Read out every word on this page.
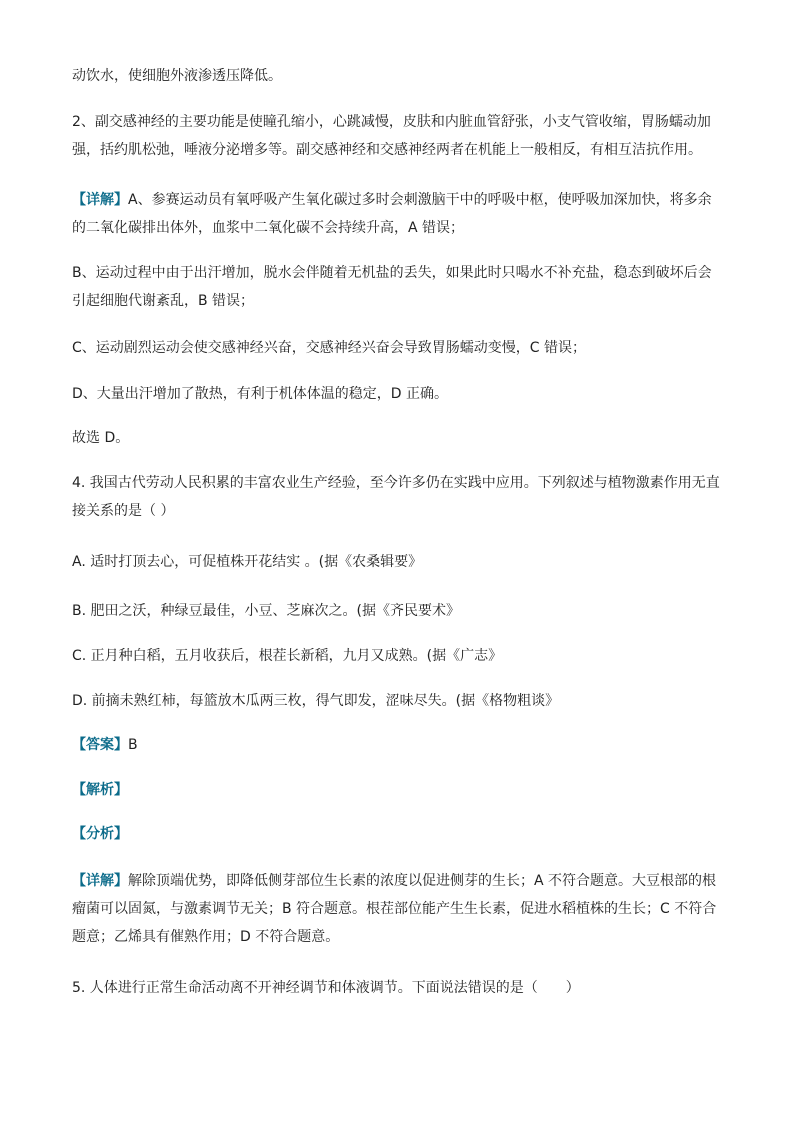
动饮水，使细胞外液渗透压降低。

2、副交感神经的主要功能是使瞳孔缩小，心跳减慢，皮肤和内脏血管舒张，小支气管收缩，胃肠蠕动加强，括约肌松弛，唾液分泌增多等。副交感神经和交感神经两者在机能上一般相反，有相互洁抗作用。

【详解】A、参赛运动员有氧呼吸产生氧化碳过多时会刺激脑干中的呼吸中枢，使呼吸加深加快，将多余的二氧化碳排出体外，血浆中二氧化碳不会持续升高，A 错误；

B、运动过程中由于出汗增加，脱水会伴随着无机盐的丢失，如果此时只喝水不补充盐，稳态到破坏后会引起细胞代谢紊乱，B 错误；

C、运动剧烈运动会使交感神经兴奋，交感神经兴奋会导致胃肠蠕动变慢，C 错误；

D、大量出汗增加了散热，有利于机体体温的稳定，D 正确。

故选 D。

4. 我国古代劳动人民积累的丰富农业生产经验，至今许多仍在实践中应用。下列叙述与植物激素作用无直接关系的是（ ）

A. 适时打顶去心，可促植株开花结实 。(据《农桑辑要》

B. 肥田之沃，种绿豆最佳，小豆、芝麻次之。(据《齐民要术》

C. 正月种白稻，五月收获后，根茬长新稻，九月又成熟。(据《广志》

D. 前摘未熟红柿，每篮放木瓜两三枚，得气即发，涩味尽失。(据《格物粗谈》

【答案】B

【解析】

【分析】

【详解】解除顶端优势，即降低侧芽部位生长素的浓度以促进侧芽的生长；A 不符合题意。大豆根部的根瘤菌可以固氮，与激素调节无关；B 符合题意。根茬部位能产生生长素，促进水稻植株的生长；C 不符合题意；乙烯具有催熟作用；D 不符合题意。

5. 人体进行正常生命活动离不开神经调节和体液调节。下面说法错误的是（　　）
